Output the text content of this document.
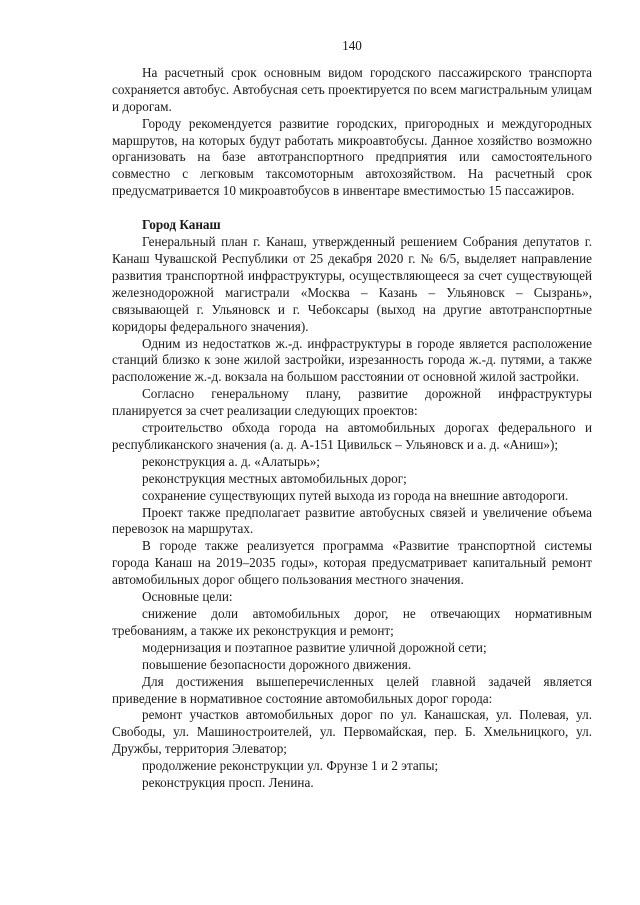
140
На расчетный срок основным видом городского пассажирского транспорта сохраняется автобус. Автобусная сеть проектируется по всем магистральным улицам и дорогам.
Городу рекомендуется развитие городских, пригородных и междугородных маршрутов, на которых будут работать микроавтобусы. Данное хозяйство возможно организовать на базе автотранспортного предприятия или самостоятельного совместно с легковым таксомоторным автохозяйством. На расчетный срок предусматривается 10 микроавтобусов в инвентаре вместимостью 15 пассажиров.
Город Канаш
Генеральный план г. Канаш, утвержденный решением Собрания депутатов г. Канаш Чувашской Республики от 25 декабря 2020 г. № 6/5, выделяет направление развития транспортной инфраструктуры, осуществляющееся за счет существующей железнодорожной магистрали «Москва – Казань – Ульяновск – Сызрань», связывающей г. Ульяновск и г. Чебоксары (выход на другие автотранспортные коридоры федерального значения).
Одним из недостатков ж.-д. инфраструктуры в городе является расположение станций близко к зоне жилой застройки, изрезанность города ж.-д. путями, а также расположение ж.-д. вокзала на большом расстоянии от основной жилой застройки.
Согласно генеральному плану, развитие дорожной инфраструктуры планируется за счет реализации следующих проектов:
строительство обхода города на автомобильных дорогах федерального и республиканского значения (а. д. А-151 Цивильск – Ульяновск и а. д. «Аниш»);
реконструкция а. д. «Алатырь»;
реконструкция местных автомобильных дорог;
сохранение существующих путей выхода из города на внешние автодороги.
Проект также предполагает развитие автобусных связей и увеличение объема перевозок на маршрутах.
В городе также реализуется программа «Развитие транспортной системы города Канаш на 2019–2035 годы», которая предусматривает капитальный ремонт автомобильных дорог общего пользования местного значения.
Основные цели:
снижение доли автомобильных дорог, не отвечающих нормативным требованиям, а также их реконструкция и ремонт;
модернизация и поэтапное развитие уличной дорожной сети;
повышение безопасности дорожного движения.
Для достижения вышеперечисленных целей главной задачей является приведение в нормативное состояние автомобильных дорог города:
ремонт участков автомобильных дорог по ул. Канашская, ул. Полевая, ул. Свободы, ул. Машиностроителей, ул. Первомайская, пер. Б. Хмельницкого, ул. Дружбы, территория Элеватор;
продолжение реконструкции ул. Фрунзе 1 и 2 этапы;
реконструкция просп. Ленина.
